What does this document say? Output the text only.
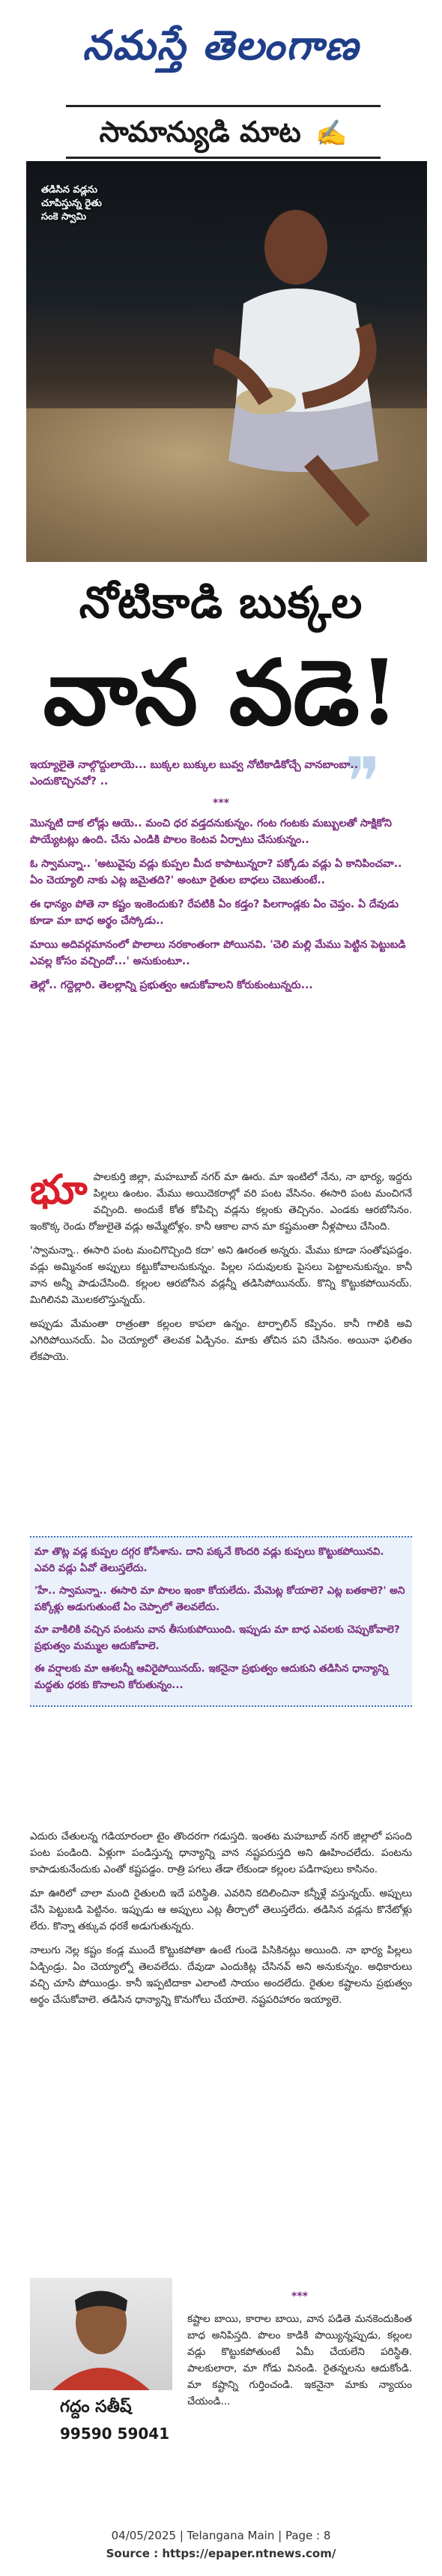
నమస్తే తెలంగాణ
సామాన్యుడి మాట ✍
తడిసిన వడ్లను
చూపిస్తున్న రైతు
సంకె స్వామి
నోటికాడి బుక్కల
వాన వడె!
❞

ఇయ్యాలైతె నాల్గొద్దులాయె... బుక్కల బుక్కుల బువ్వ నోటికాడికోచ్చే వానబాంబా.. ఎందుకొచ్చినవో? ..

***

మొన్నటి దాక లోడ్లు ఆయె.. మంచి ధర వడ్తదనుకున్నం. గంట గంటకు మబ్బులతో సాక్షికోని పొయ్యేటట్లు ఉంది. చేను ఎండికి పొలం కెంటవ ఏర్పాటు చేసుకున్నం..

ఓ స్వామన్నా.. 'అటువైపు వడ్లు కుప్పల మీద కాపాటున్నరా? పక్కోడు వడ్లు ఏ కానిపించవా.. ఏం చెయ్యాలి నాకు ఎట్ల జమైతది?' అంటూ రైతుల బాధలు చెబుతుంటే..

ఈ ధాన్యం పోతె నా కష్టం ఇంకెందుకు? రేపటికి ఏం కడ్తం? పిలగాండ్లకు ఏం చెప్తం. ఏ దేవుడు కూడా మా బాధ అర్థం చేస్కోడు..

మాయి అదివర్గమానంలో పొలాలు నరకాంతంగా పోయినవి. 'చెలి మల్లి మేము పెట్టిన పెట్టుబడి ఎవల్ల కోసం వచ్చిందో...' అనుకుంటూ..

తెల్లో.. గద్దెల్లారి. తెలల్లాన్ని ప్రభుత్వం ఆదుకోవాలని కోరుకుంటున్నరు...

భూపాలకుర్తి జిల్లా, మహబూబ్ నగర్ మా ఊరు. మా ఇంటిలో నేను, నా భార్య, ఇద్దరు పిల్లలు ఉంటం. మేము అయిదెకరాల్లో వరి పంట వేసినం. ఈసారి పంట మంచిగనే వచ్చింది. అందుకే కోత కోపిచ్చి వడ్లను కల్లంకు తెచ్చినం. ఎండకు ఆరబోసినం. ఇంకొక్క రెండు రోజులైతె వడ్లు అమ్మేటోళ్లం. కానీ ఆకాల వాన మా కష్టమంతా నీళ్లపాలు చేసింది.

'స్వామన్నా.. ఈసారి పంట మంచిగొచ్చింది కదా' అని ఊరంత అన్నరు. మేము కూడా సంతోషపడ్డం. వడ్లు అమ్మినంక అప్పులు కట్టుకోవాలనుకున్నం. పిల్లల సదువులకు పైసలు పెట్టాలనుకున్నం. కానీ వాన అన్నీ పాడుచేసింది. కల్లంల ఆరబోసిన వడ్లన్నీ తడిసిపోయినయ్. కొన్ని కొట్టుకపోయినయ్. మిగిలినవి మొలకలొస్తున్నయ్.

అప్పుడు మేమంతా రాత్రంతా కల్లంల కాపలా ఉన్నం. టార్పాలిన్ కప్పినం. కానీ గాలికి అవి ఎగిరిపోయినయ్. ఏం చెయ్యాలో తెలవక ఏడ్చినం. మాకు తోచిన పని చేసినం. అయినా ఫలితం లేకపాయె.

మా తొట్ల వడ్ల కుప్పల దగ్గర కోసేశాను. దాని పక్కనే కొందరి వడ్లు కుప్పలు కొట్టుకపోయినవి. ఎవరి వడ్లు ఏవో తెలుస్తలేదు.

'హే.. స్వామన్నా.. ఈసారి మా పొలం ఇంకా కోయలేదు. మేమెట్ల కోయాలె? ఎట్ల బతకాలె?' అని పక్కోళ్లు అడుగుతుంటే ఏం చెప్పాలో తెలవలేదు.

మా వాకిలికి వచ్చిన పంటను వాన తీసుకుపోయింది. ఇప్పుడు మా బాధ ఎవలకు చెప్పుకోవాలె? ప్రభుత్వం మమ్ముల ఆదుకోవాలె.

ఈ వర్షాలకు మా ఆశలన్నీ ఆవిరైపోయినయ్. ఇకనైనా ప్రభుత్వం ఆదుకుని తడిసిన ధాన్యాన్ని మద్దతు ధరకు కొనాలని కోరుతున్నం...

ఎదురు చేతులన్న గడియారంలా టైం తొందరగా గడుస్తది. ఇంతట మహబూబ్ నగర్ జిల్లాలో పసంది పంట పండింది. ఏళ్లుగా పండిస్తున్న ధాన్యాన్ని వాన నష్టపరుస్తది అని ఊహించలేదు. పంటను కాపాడుకునేందుకు ఎంతో కష్టపడ్డం. రాత్రి పగలు తేడా లేకుండా కల్లంల పడిగాపులు కాసినం.

మా ఊరిలో చాలా మంది రైతులది ఇదే పరిస్థితి. ఎవరిని కదిలించినా కన్నీళ్లే వస్తున్నయ్. అప్పులు చేసి పెట్టుబడి పెట్టినం. ఇప్పుడు ఆ అప్పులు ఎట్ల తీర్చాలో తెలుస్తలేదు. తడిసిన వడ్లను కొనేటోళ్లు లేరు. కొన్నా తక్కువ ధరకే అడుగుతున్నరు.

నాలుగు నెల్ల కష్టం కండ్ల ముందే కొట్టుకపోతా ఉంటే గుండె పిసికినట్లు అయింది. నా భార్య పిల్లలు ఏడ్చిండ్రు. ఏం చెయ్యాల్నో తెలవలేదు. దేవుడా ఎందుకిట్ల చేసినవ్ అని అనుకున్నం. అధికారులు వచ్చి చూసి పోయిండ్రు. కానీ ఇప్పటిదాకా ఎలాంటి సాయం అందలేదు. రైతుల కష్టాలను ప్రభుత్వం అర్థం చేసుకోవాలె. తడిసిన ధాన్యాన్ని కొనుగోలు చేయాలె. నష్టపరిహారం ఇయ్యాలె.

గద్దం సతీష్
99590 59041
***

కష్టాల బాయి, కారాల బాయి, వాన పడితె మనకెందుకింత బాధ అనిపిస్తది. పొలం కాడికి పొయ్యిన్నప్పుడు, కల్లంల వడ్లు కొట్టుకపోతుంటే ఏమీ చేయలేని పరిస్థితి. పాలకులారా, మా గోడు వినండి. రైతన్నలను ఆదుకోండి. మా కష్టాన్ని గుర్తించండి. ఇకనైనా మాకు న్యాయం చేయండి...

04/05/2025 | Telangana Main | Page : 8
Source : https://epaper.ntnews.com/
